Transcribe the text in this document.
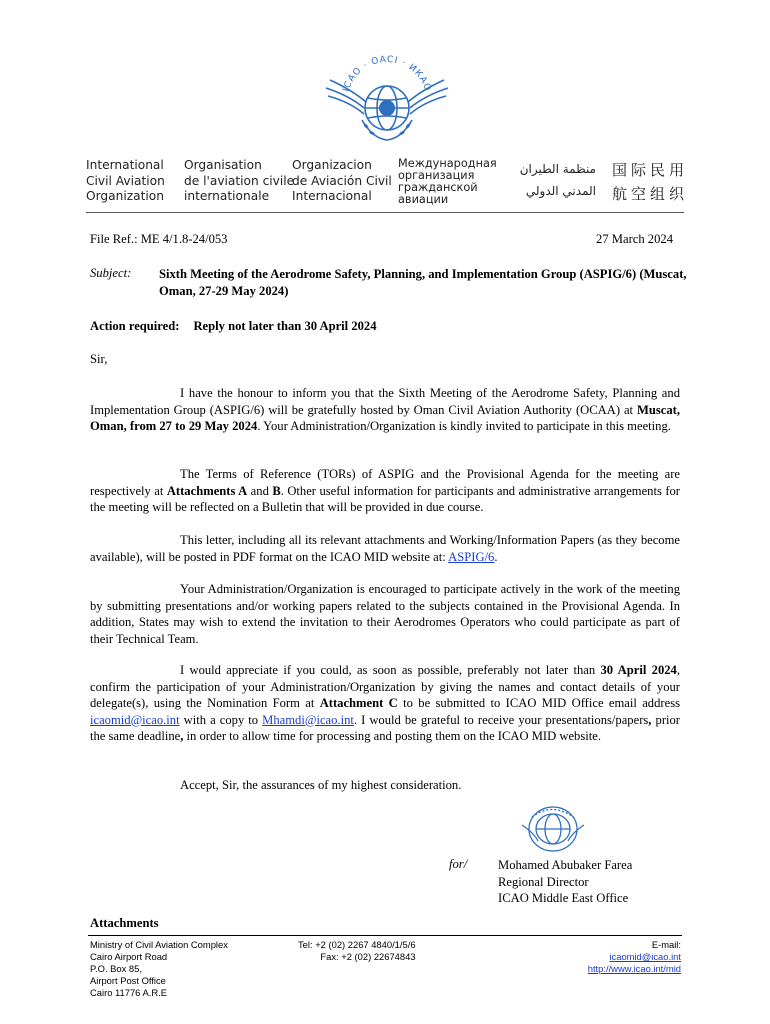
ICAO · OACI · ИКАО
International
Civil Aviation
Organization
Organisation
de l'aviation civile
internationale
Organizacion
de Aviación Civil
Internacional
Международная
организация
гражданской
авиации
منظمة الطيران
المدني الدولي
国际民用
航空组织
File Ref.: ME 4/1.8-24/053	27 March 2024
Subject: Sixth Meeting of the Aerodrome Safety, Planning, and Implementation Group (ASPIG/6) (Muscat, Oman, 27-29 May 2024)
Action required: Reply not later than 30 April 2024
Sir,

I have the honour to inform you that the Sixth Meeting of the Aerodrome Safety, Planning and Implementation Group (ASPIG/6) will be gratefully hosted by Oman Civil Aviation Authority (OCAA) at Muscat, Oman, from 27 to 29 May 2024. Your Administration/Organization is kindly invited to participate in this meeting.

The Terms of Reference (TORs) of ASPIG and the Provisional Agenda for the meeting are respectively at Attachments A and B. Other useful information for participants and administrative arrangements for the meeting will be reflected on a Bulletin that will be provided in due course.

This letter, including all its relevant attachments and Working/Information Papers (as they become available), will be posted in PDF format on the ICAO MID website at: ASPIG/6.

Your Administration/Organization is encouraged to participate actively in the work of the meeting by submitting presentations and/or working papers related to the subjects contained in the Provisional Agenda. In addition, States may wish to extend the invitation to their Aerodromes Operators who could participate as part of their Technical Team.

I would appreciate if you could, as soon as possible, preferably not later than 30 April 2024, confirm the participation of your Administration/Organization by giving the names and contact details of your delegate(s), using the Nomination Form at Attachment C to be submitted to ICAO MID Office email address icaomid@icao.int with a copy to Mhamdi@icao.int. I would be grateful to receive your presentations/papers, prior the same deadline, in order to allow time for processing and posting them on the ICAO MID website.

Accept, Sir, the assurances of my highest consideration.

for/ Mohamed Abubaker Farea
Regional Director
ICAO Middle East Office
Attachments
Ministry of Civil Aviation Complex
Cairo Airport Road
P.O. Box 85,
Airport Post Office
Cairo 11776 A.R.E
Tel: +2 (02) 2267 4840/1/5/6
Fax: +2 (02) 22674843
E-mail:
icaomid@icao.int
http://www.icao.int/mid
